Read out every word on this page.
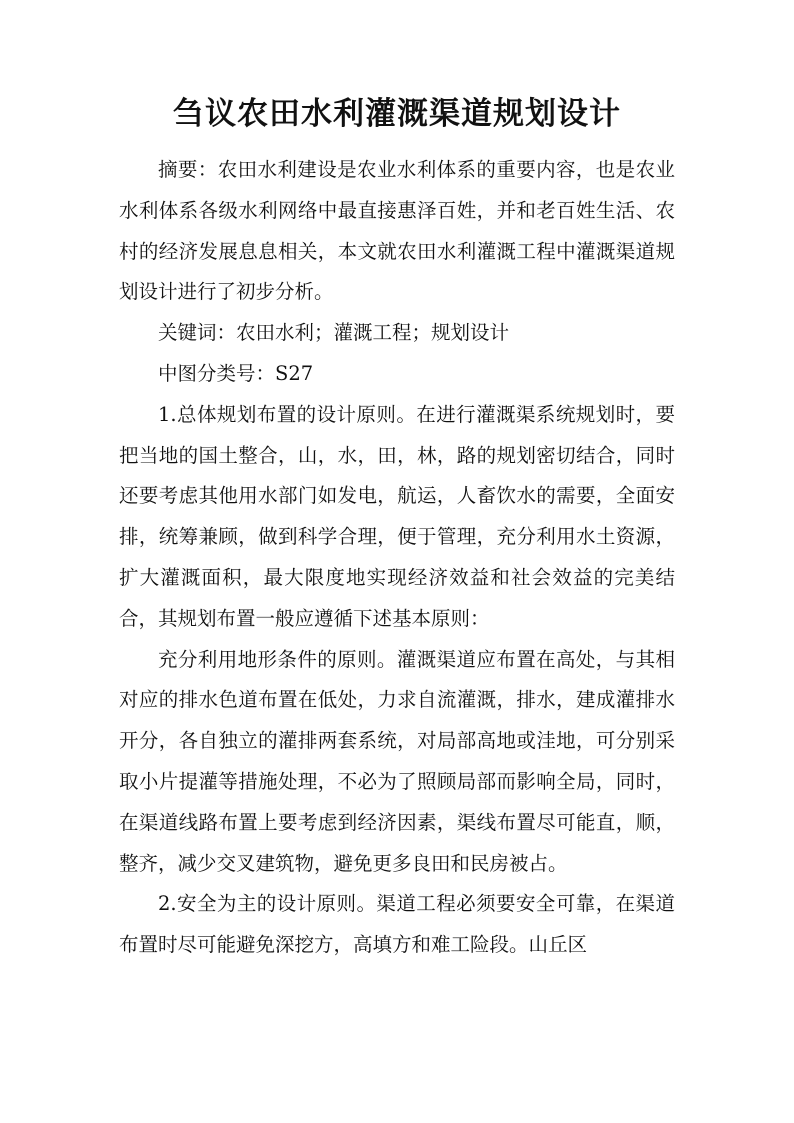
刍议农田水利灌溉渠道规划设计

摘要：农田水利建设是农业水利体系的重要内容，也是农业水利体系各级水利网络中最直接惠泽百姓，并和老百姓生活、农村的经济发展息息相关，本文就农田水利灌溉工程中灌溉渠道规划设计进行了初步分析。

关键词：农田水利；灌溉工程；规划设计

中图分类号：S27

1.总体规划布置的设计原则。在进行灌溉渠系统规划时，要把当地的国土整合，山，水，田，林，路的规划密切结合，同时还要考虑其他用水部门如发电，航运，人畜饮水的需要，全面安排，统筹兼顾，做到科学合理，便于管理，充分利用水土资源，扩大灌溉面积，最大限度地实现经济效益和社会效益的完美结合，其规划布置一般应遵循下述基本原则：

充分利用地形条件的原则。灌溉渠道应布置在高处，与其相对应的排水色道布置在低处，力求自流灌溉，排水，建成灌排水开分，各自独立的灌排两套系统，对局部高地或洼地，可分别采取小片提灌等措施处理，不必为了照顾局部而影响全局，同时，在渠道线路布置上要考虑到经济因素，渠线布置尽可能直，顺，整齐，减少交叉建筑物，避免更多良田和民房被占。

2.安全为主的设计原则。渠道工程必须要安全可靠，在渠道布置时尽可能避免深挖方，高填方和难工险段。山丘区
